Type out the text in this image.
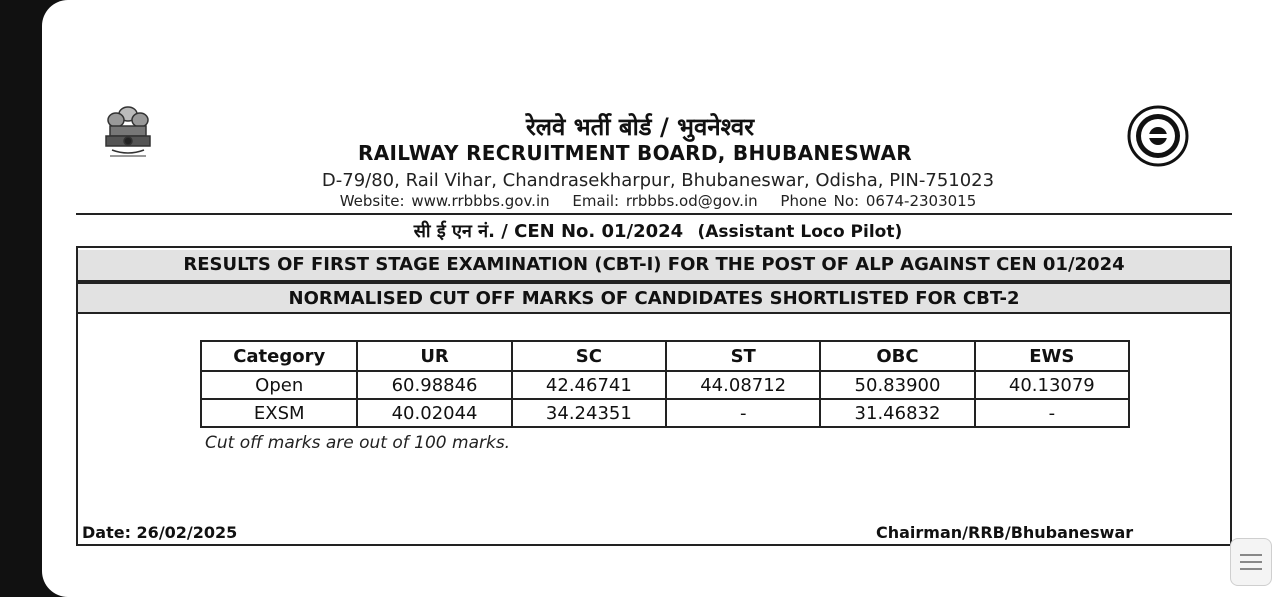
रेलवे भर्ती बोर्ड / भुवनेश्वर
RAILWAY RECRUITMENT BOARD, BHUBANESWAR
D-79/80, Rail Vihar, Chandrasekharpur, Bhubaneswar, Odisha, PIN-751023
Website: www.rrbbbs.gov.in Email: rrbbbs.od@gov.in Phone No: 0674-2303015
सी ई एन नं. / CEN No. 01/2024 (Assistant Loco Pilot)
RESULTS OF FIRST STAGE EXAMINATION (CBT-I) FOR THE POST OF ALP AGAINST CEN 01/2024
NORMALISED CUT OFF MARKS OF CANDIDATES SHORTLISTED FOR CBT-2
Category	UR	SC	ST	OBC	EWS
Open	60.98846	42.46741	44.08712	50.83900	40.13079
EXSM	40.02044	34.24351	-	31.46832	-
Cut off marks are out of 100 marks.
Date: 26/02/2025	Chairman/RRB/Bhubaneswar
